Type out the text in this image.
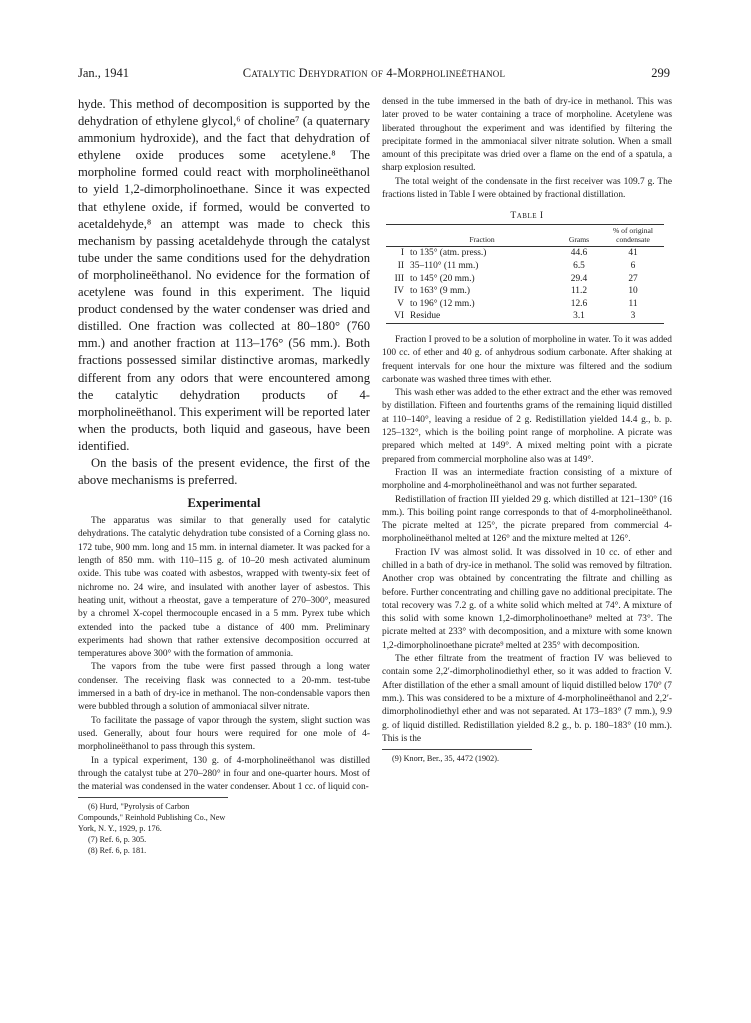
Jan., 1941	Catalytic Dehydration of 4-Morpholineëthanol	299

hyde. This method of decomposition is supported by the dehydration of ethylene glycol,⁶ of choline⁷ (a quaternary ammonium hydroxide), and the fact that dehydration of ethylene oxide produces some acetylene.⁸ The morpholine formed could react with morpholineëthanol to yield 1,2-dimorpholinoethane. Since it was expected that ethylene oxide, if formed, would be converted to acetaldehyde,⁸ an attempt was made to check this mechanism by passing acetaldehyde through the catalyst tube under the same conditions used for the dehydration of morpholineëthanol. No evidence for the formation of acetylene was found in this experiment. The liquid product condensed by the water condenser was dried and distilled. One fraction was collected at 80–180° (760 mm.) and another fraction at 113–176° (56 mm.). Both fractions possessed similar distinctive aromas, markedly different from any odors that were encountered among the catalytic dehydration products of 4-morpholineëthanol. This experiment will be reported later when the products, both liquid and gaseous, have been identified.

On the basis of the present evidence, the first of the above mechanisms is preferred.

Experimental

The apparatus was similar to that generally used for catalytic dehydrations. The catalytic dehydration tube consisted of a Corning glass no. 172 tube, 900 mm. long and 15 mm. in internal diameter. It was packed for a length of 850 mm. with 110–115 g. of 10–20 mesh activated aluminum oxide. This tube was coated with asbestos, wrapped with twenty-six feet of nichrome no. 24 wire, and insulated with another layer of asbestos. This heating unit, without a rheostat, gave a temperature of 270–300°, measured by a chromel X-copel thermocouple encased in a 5 mm. Pyrex tube which extended into the packed tube a distance of 400 mm. Preliminary experiments had shown that rather extensive decomposition occurred at temperatures above 300° with the formation of ammonia.

The vapors from the tube were first passed through a long water condenser. The receiving flask was connected to a 20-mm. test-tube immersed in a bath of dry-ice in methanol. The non-condensable vapors then were bubbled through a solution of ammoniacal silver nitrate.

To facilitate the passage of vapor through the system, slight suction was used. Generally, about four hours were required for one mole of 4-morpholineëthanol to pass through this system.

In a typical experiment, 130 g. of 4-morpholineëthanol was distilled through the catalyst tube at 270–280° in four and one-quarter hours. Most of the material was condensed in the water condenser. About 1 cc. of liquid con-

(6) Hurd, "Pyrolysis of Carbon Compounds," Reinhold Publishing Co., New York, N. Y., 1929, p. 176.
(7) Ref. 6, p. 305.
(8) Ref. 6, p. 181.

densed in the tube immersed in the bath of dry-ice in methanol. This was later proved to be water containing a trace of morpholine. Acetylene was liberated throughout the experiment and was identified by filtering the precipitate formed in the ammoniacal silver nitrate solution. When a small amount of this precipitate was dried over a flame on the end of a spatula, a sharp explosion resulted.

The total weight of the condensate in the first receiver was 109.7 g. The fractions listed in Table I were obtained by fractional distillation.

Table I
	Fraction	Grams	% of original condensate
I	to 135° (atm. press.)	44.6	41
II	35–110° (11 mm.)	6.5	6
III	to 145° (20 mm.)	29.4	27
IV	to 163° (9 mm.)	11.2	10
V	to 196° (12 mm.)	12.6	11
VI	Residue	3.1	3

Fraction I proved to be a solution of morpholine in water. To it was added 100 cc. of ether and 40 g. of anhydrous sodium carbonate. After shaking at frequent intervals for one hour the mixture was filtered and the sodium carbonate was washed three times with ether.

This wash ether was added to the ether extract and the ether was removed by distillation. Fifteen and fourtenths grams of the remaining liquid distilled at 110–140°, leaving a residue of 2 g. Redistillation yielded 14.4 g., b. p. 125–132°, which is the boiling point range of morpholine. A picrate was prepared which melted at 149°. A mixed melting point with a picrate prepared from commercial morpholine also was at 149°.

Fraction II was an intermediate fraction consisting of a mixture of morpholine and 4-morpholineëthanol and was not further separated.

Redistillation of fraction III yielded 29 g. which distilled at 121–130° (16 mm.). This boiling point range corresponds to that of 4-morpholineëthanol. The picrate melted at 125°, the picrate prepared from commercial 4-morpholineëthanol melted at 126° and the mixture melted at 126°.

Fraction IV was almost solid. It was dissolved in 10 cc. of ether and chilled in a bath of dry-ice in methanol. The solid was removed by filtration. Another crop was obtained by concentrating the filtrate and chilling as before. Further concentrating and chilling gave no additional precipitate. The total recovery was 7.2 g. of a white solid which melted at 74°. A mixture of this solid with some known 1,2-dimorpholinoethane⁹ melted at 73°. The picrate melted at 233° with decomposition, and a mixture with some known 1,2-dimorpholinoethane picrate⁹ melted at 235° with decomposition.

The ether filtrate from the treatment of fraction IV was believed to contain some 2,2′-dimorpholinodiethyl ether, so it was added to fraction V. After distillation of the ether a small amount of liquid distilled below 170° (7 mm.). This was considered to be a mixture of 4-morpholineëthanol and 2,2′-dimorpholinodiethyl ether and was not separated. At 173–183° (7 mm.), 9.9 g. of liquid distilled. Redistillation yielded 8.2 g., b. p. 180–183° (10 mm.). This is the

(9) Knorr, Ber., 35, 4472 (1902).
